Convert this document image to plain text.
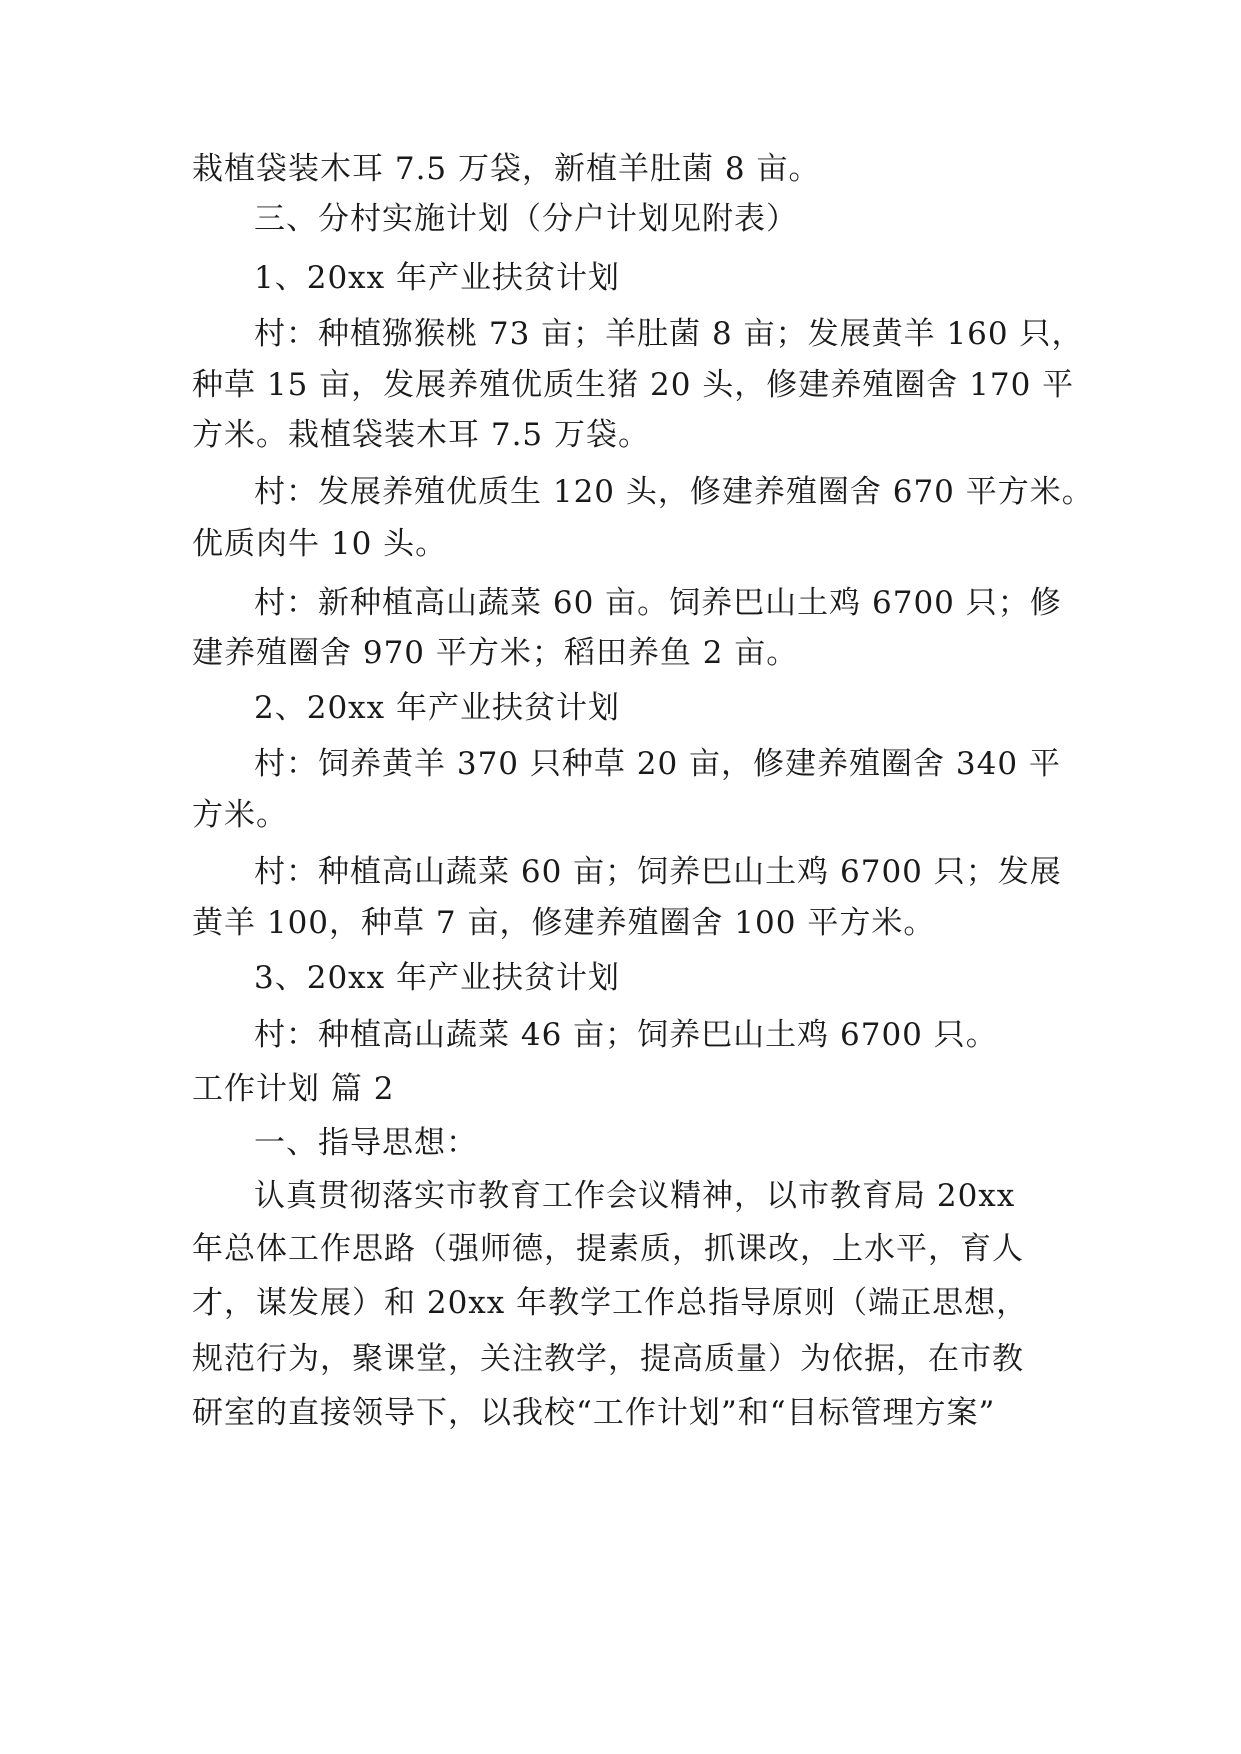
栽植袋装木耳 7.5 万袋，新植羊肚菌 8 亩。
三、分村实施计划（分户计划见附表）
1、20xx 年产业扶贫计划
村：种植猕猴桃 73 亩；羊肚菌 8 亩；发展黄羊 160 只，
种草 15 亩，发展养殖优质生猪 20 头，修建养殖圈舍 170 平
方米。栽植袋装木耳 7.5 万袋。
村：发展养殖优质生 120 头，修建养殖圈舍 670 平方米。
优质肉牛 10 头。
村：新种植高山蔬菜 60 亩。饲养巴山土鸡 6700 只；修
建养殖圈舍 970 平方米；稻田养鱼 2 亩。
2、20xx 年产业扶贫计划
村：饲养黄羊 370 只种草 20 亩，修建养殖圈舍 340 平
方米。
村：种植高山蔬菜 60 亩；饲养巴山土鸡 6700 只；发展
黄羊 100，种草 7 亩，修建养殖圈舍 100 平方米。
3、20xx 年产业扶贫计划
村：种植高山蔬菜 46 亩；饲养巴山土鸡 6700 只。
工作计划 篇 2
一、指导思想：
认真贯彻落实市教育工作会议精神，以市教育局 20xx
年总体工作思路（强师德，提素质，抓课改，上水平，育人
才，谋发展）和 20xx 年教学工作总指导原则（端正思想，
规范行为，聚课堂，关注教学，提高质量）为依据，在市教
研室的直接领导下，以我校“工作计划”和“目标管理方案”
